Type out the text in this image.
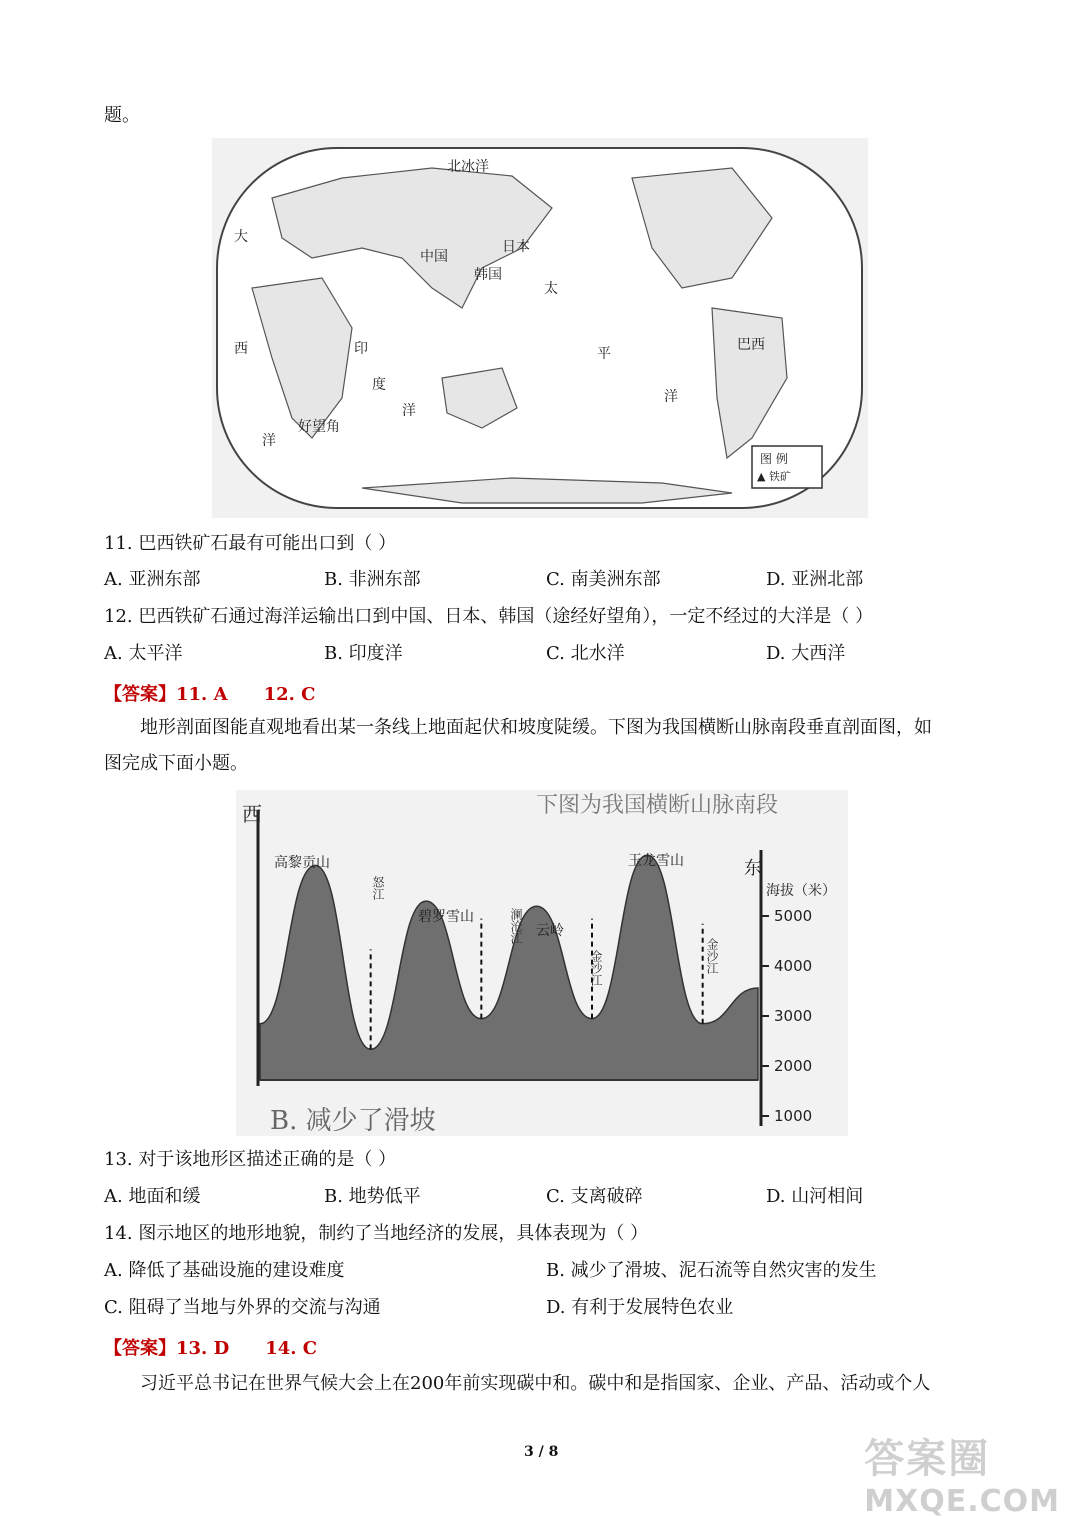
题。
北冰洋
中国
日本
韩国
巴西
好望角
太
平
洋
印
度
洋
大
西
洋
图 例
▲ 铁矿
11. 巴西铁矿石最有可能出口到（ ）
A. 亚洲东部	B. 非洲东部	C. 南美洲东部	D. 亚洲北部
12. 巴西铁矿石通过海洋运输出口到中国、日本、韩国（途经好望角），一定不经过的大洋是（ ）
A. 太平洋	B. 印度洋	C. 北水洋	D. 大西洋
【答案】11. A 12. C
地形剖面图能直观地看出某一条线上地面起伏和坡度陡缓。下图为我国横断山脉南段垂直剖面图，如
图完成下面小题。
5000
4000
3000
2000
1000
下图为我国横断山脉南段
西
东
海拔（米）
高黎贡山
碧罗雪山
云岭
玉龙雪山
怒江
澜沧江
金沙江	金沙江
B. 减少了滑坡
13. 对于该地形区描述正确的是（ ）
A. 地面和缓	B. 地势低平	C. 支离破碎	D. 山河相间
14. 图示地区的地形地貌，制约了当地经济的发展，具体表现为（ ）
A. 降低了基础设施的建设难度	B. 减少了滑坡、泥石流等自然灾害的发生
C. 阻碍了当地与外界的交流与沟通	D. 有利于发展特色农业
【答案】13. D 14. C
习近平总书记在世界气候大会上在200年前实现碳中和。碳中和是指国家、企业、产品、活动或个人
3 / 8	答案圈
MXQE.COM
